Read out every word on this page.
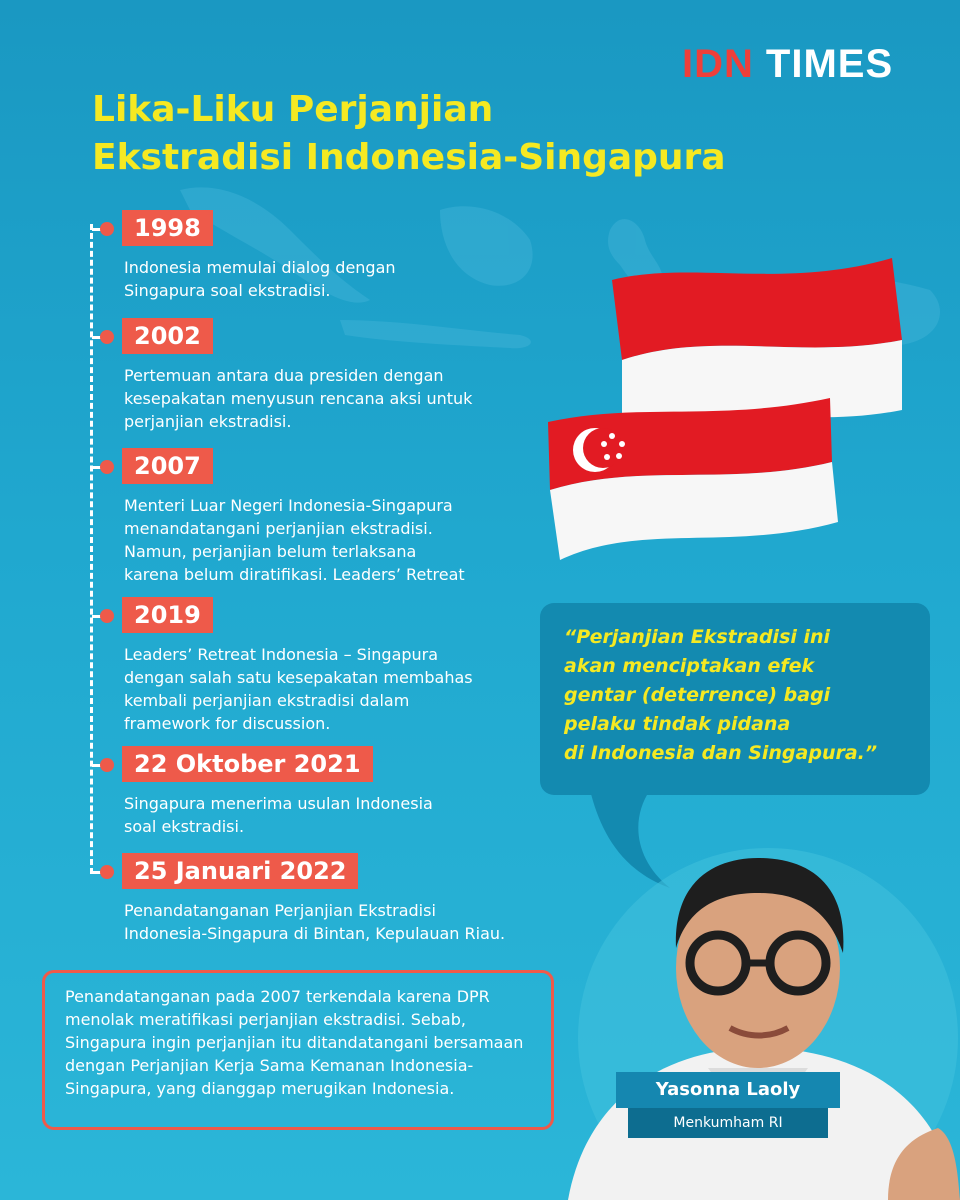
IDN TIMES
Lika-Liku Perjanjian
Ekstradisi Indonesia-Singapura
1998
Indonesia memulai dialog dengan
Singapura soal ekstradisi.
2002
Pertemuan antara dua presiden dengan
kesepakatan menyusun rencana aksi untuk
perjanjian ekstradisi.
2007
Menteri Luar Negeri Indonesia-Singapura
menandatangani perjanjian ekstradisi.
Namun, perjanjian belum terlaksana
karena belum diratifikasi. Leaders’ Retreat
2019
Leaders’ Retreat Indonesia – Singapura
dengan salah satu kesepakatan membahas
kembali perjanjian ekstradisi dalam
framework for discussion.
22 Oktober 2021
Singapura menerima usulan Indonesia
soal ekstradisi.
25 Januari 2022
Penandatanganan Perjanjian Ekstradisi
Indonesia-Singapura di Bintan, Kepulauan Riau.
“Perjanjian Ekstradisi ini
akan menciptakan efek
gentar (deterrence) bagi
pelaku tindak pidana
di Indonesia dan Singapura.”
Penandatanganan pada 2007 terkendala karena DPR menolak meratifikasi perjanjian ekstradisi. Sebab, Singapura ingin perjanjian itu ditandatangani bersamaan dengan Perjanjian Kerja Sama Kemanan Indonesia-Singapura, yang dianggap merugikan Indonesia.	Yasonna Laoly
Menkumham RI
